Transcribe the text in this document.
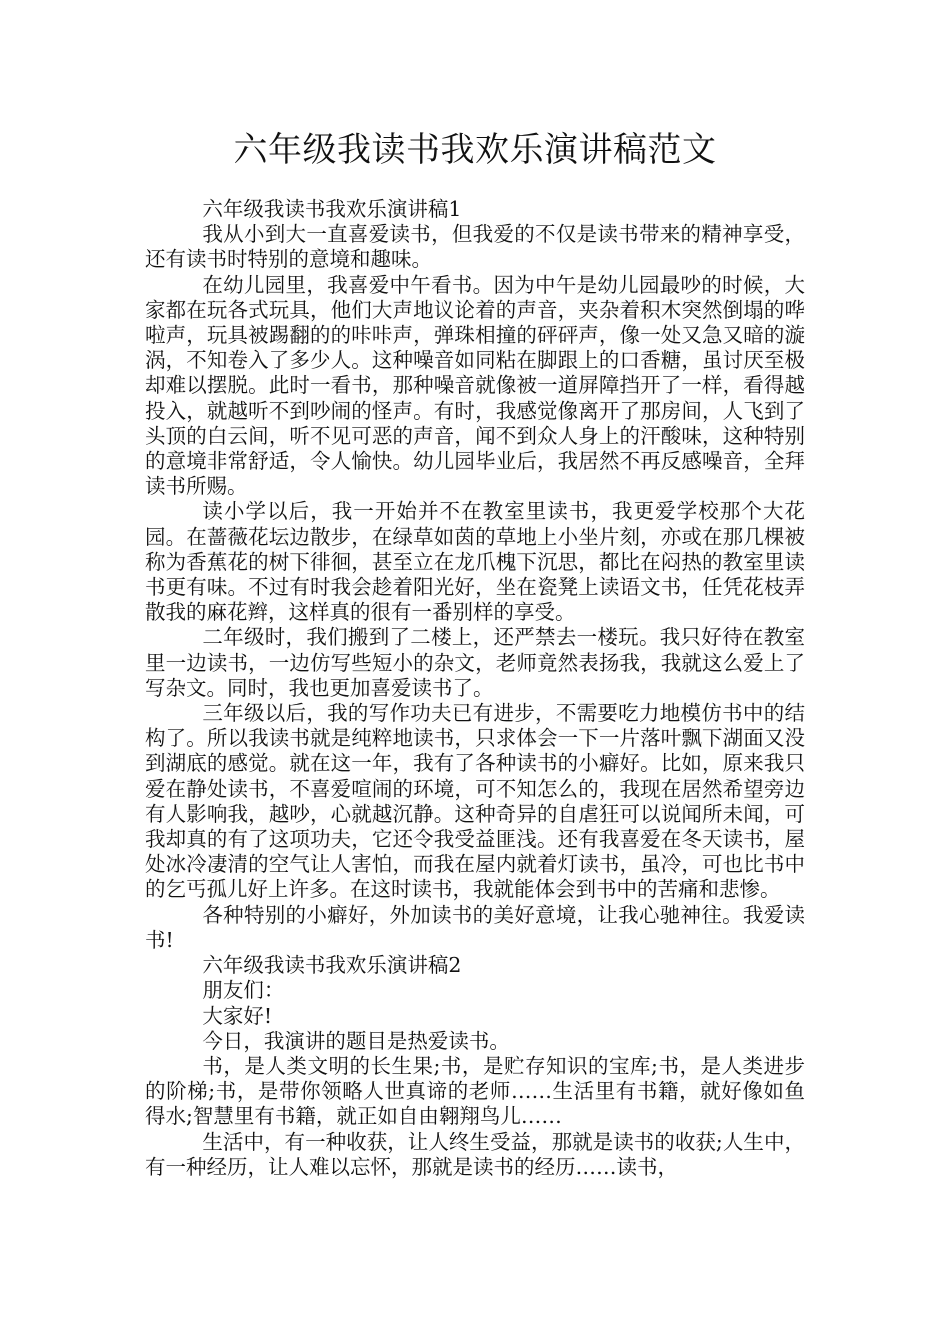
六年级我读书我欢乐演讲稿范文

六年级我读书我欢乐演讲稿1

我从小到大一直喜爱读书，但我爱的不仅是读书带来的精神享受，还有读书时特别的意境和趣味。

在幼儿园里，我喜爱中午看书。因为中午是幼儿园最吵的时候，大家都在玩各式玩具，他们大声地议论着的声音，夹杂着积木突然倒塌的哗啦声，玩具被踢翻的的咔咔声，弹珠相撞的砰砰声，像一处又急又暗的漩涡，不知卷入了多少人。这种噪音如同粘在脚跟上的口香糖，虽讨厌至极却难以摆脱。此时一看书，那种噪音就像被一道屏障挡开了一样，看得越投入，就越听不到吵闹的怪声。有时，我感觉像离开了那房间，人飞到了头顶的白云间，听不见可恶的声音，闻不到众人身上的汗酸味，这种特别的意境非常舒适，令人愉快。幼儿园毕业后，我居然不再反感噪音，全拜读书所赐。

读小学以后，我一开始并不在教室里读书，我更爱学校那个大花园。在蔷薇花坛边散步，在绿草如茵的草地上小坐片刻，亦或在那几棵被称为香蕉花的树下徘徊，甚至立在龙爪槐下沉思，都比在闷热的教室里读书更有味。不过有时我会趁着阳光好，坐在瓷凳上读语文书，任凭花枝弄散我的麻花辫，这样真的很有一番别样的享受。

二年级时，我们搬到了二楼上，还严禁去一楼玩。我只好待在教室里一边读书，一边仿写些短小的杂文，老师竟然表扬我，我就这么爱上了写杂文。同时，我也更加喜爱读书了。

三年级以后，我的写作功夫已有进步，不需要吃力地模仿书中的结构了。所以我读书就是纯粹地读书，只求体会一下一片落叶飘下湖面又没到湖底的感觉。就在这一年，我有了各种读书的小癖好。比如，原来我只爱在静处读书，不喜爱喧闹的环境，可不知怎么的，我现在居然希望旁边有人影响我，越吵，心就越沉静。这种奇异的自虐狂可以说闻所未闻，可我却真的有了这项功夫，它还令我受益匪浅。还有我喜爱在冬天读书，屋处冰冷凄清的空气让人害怕，而我在屋内就着灯读书，虽冷，可也比书中的乞丐孤儿好上许多。在这时读书，我就能体会到书中的苦痛和悲惨。

各种特别的小癖好，外加读书的美好意境，让我心驰神往。我爱读书!

六年级我读书我欢乐演讲稿2

朋友们：

大家好!

今日，我演讲的题目是热爱读书。

书，是人类文明的长生果;书，是贮存知识的宝库;书，是人类进步的阶梯;书，是带你领略人世真谛的老师……生活里有书籍，就好像如鱼得水;智慧里有书籍，就正如自由翱翔鸟儿……

生活中，有一种收获，让人终生受益，那就是读书的收获;人生中，有一种经历，让人难以忘怀，那就是读书的经历……读书，
